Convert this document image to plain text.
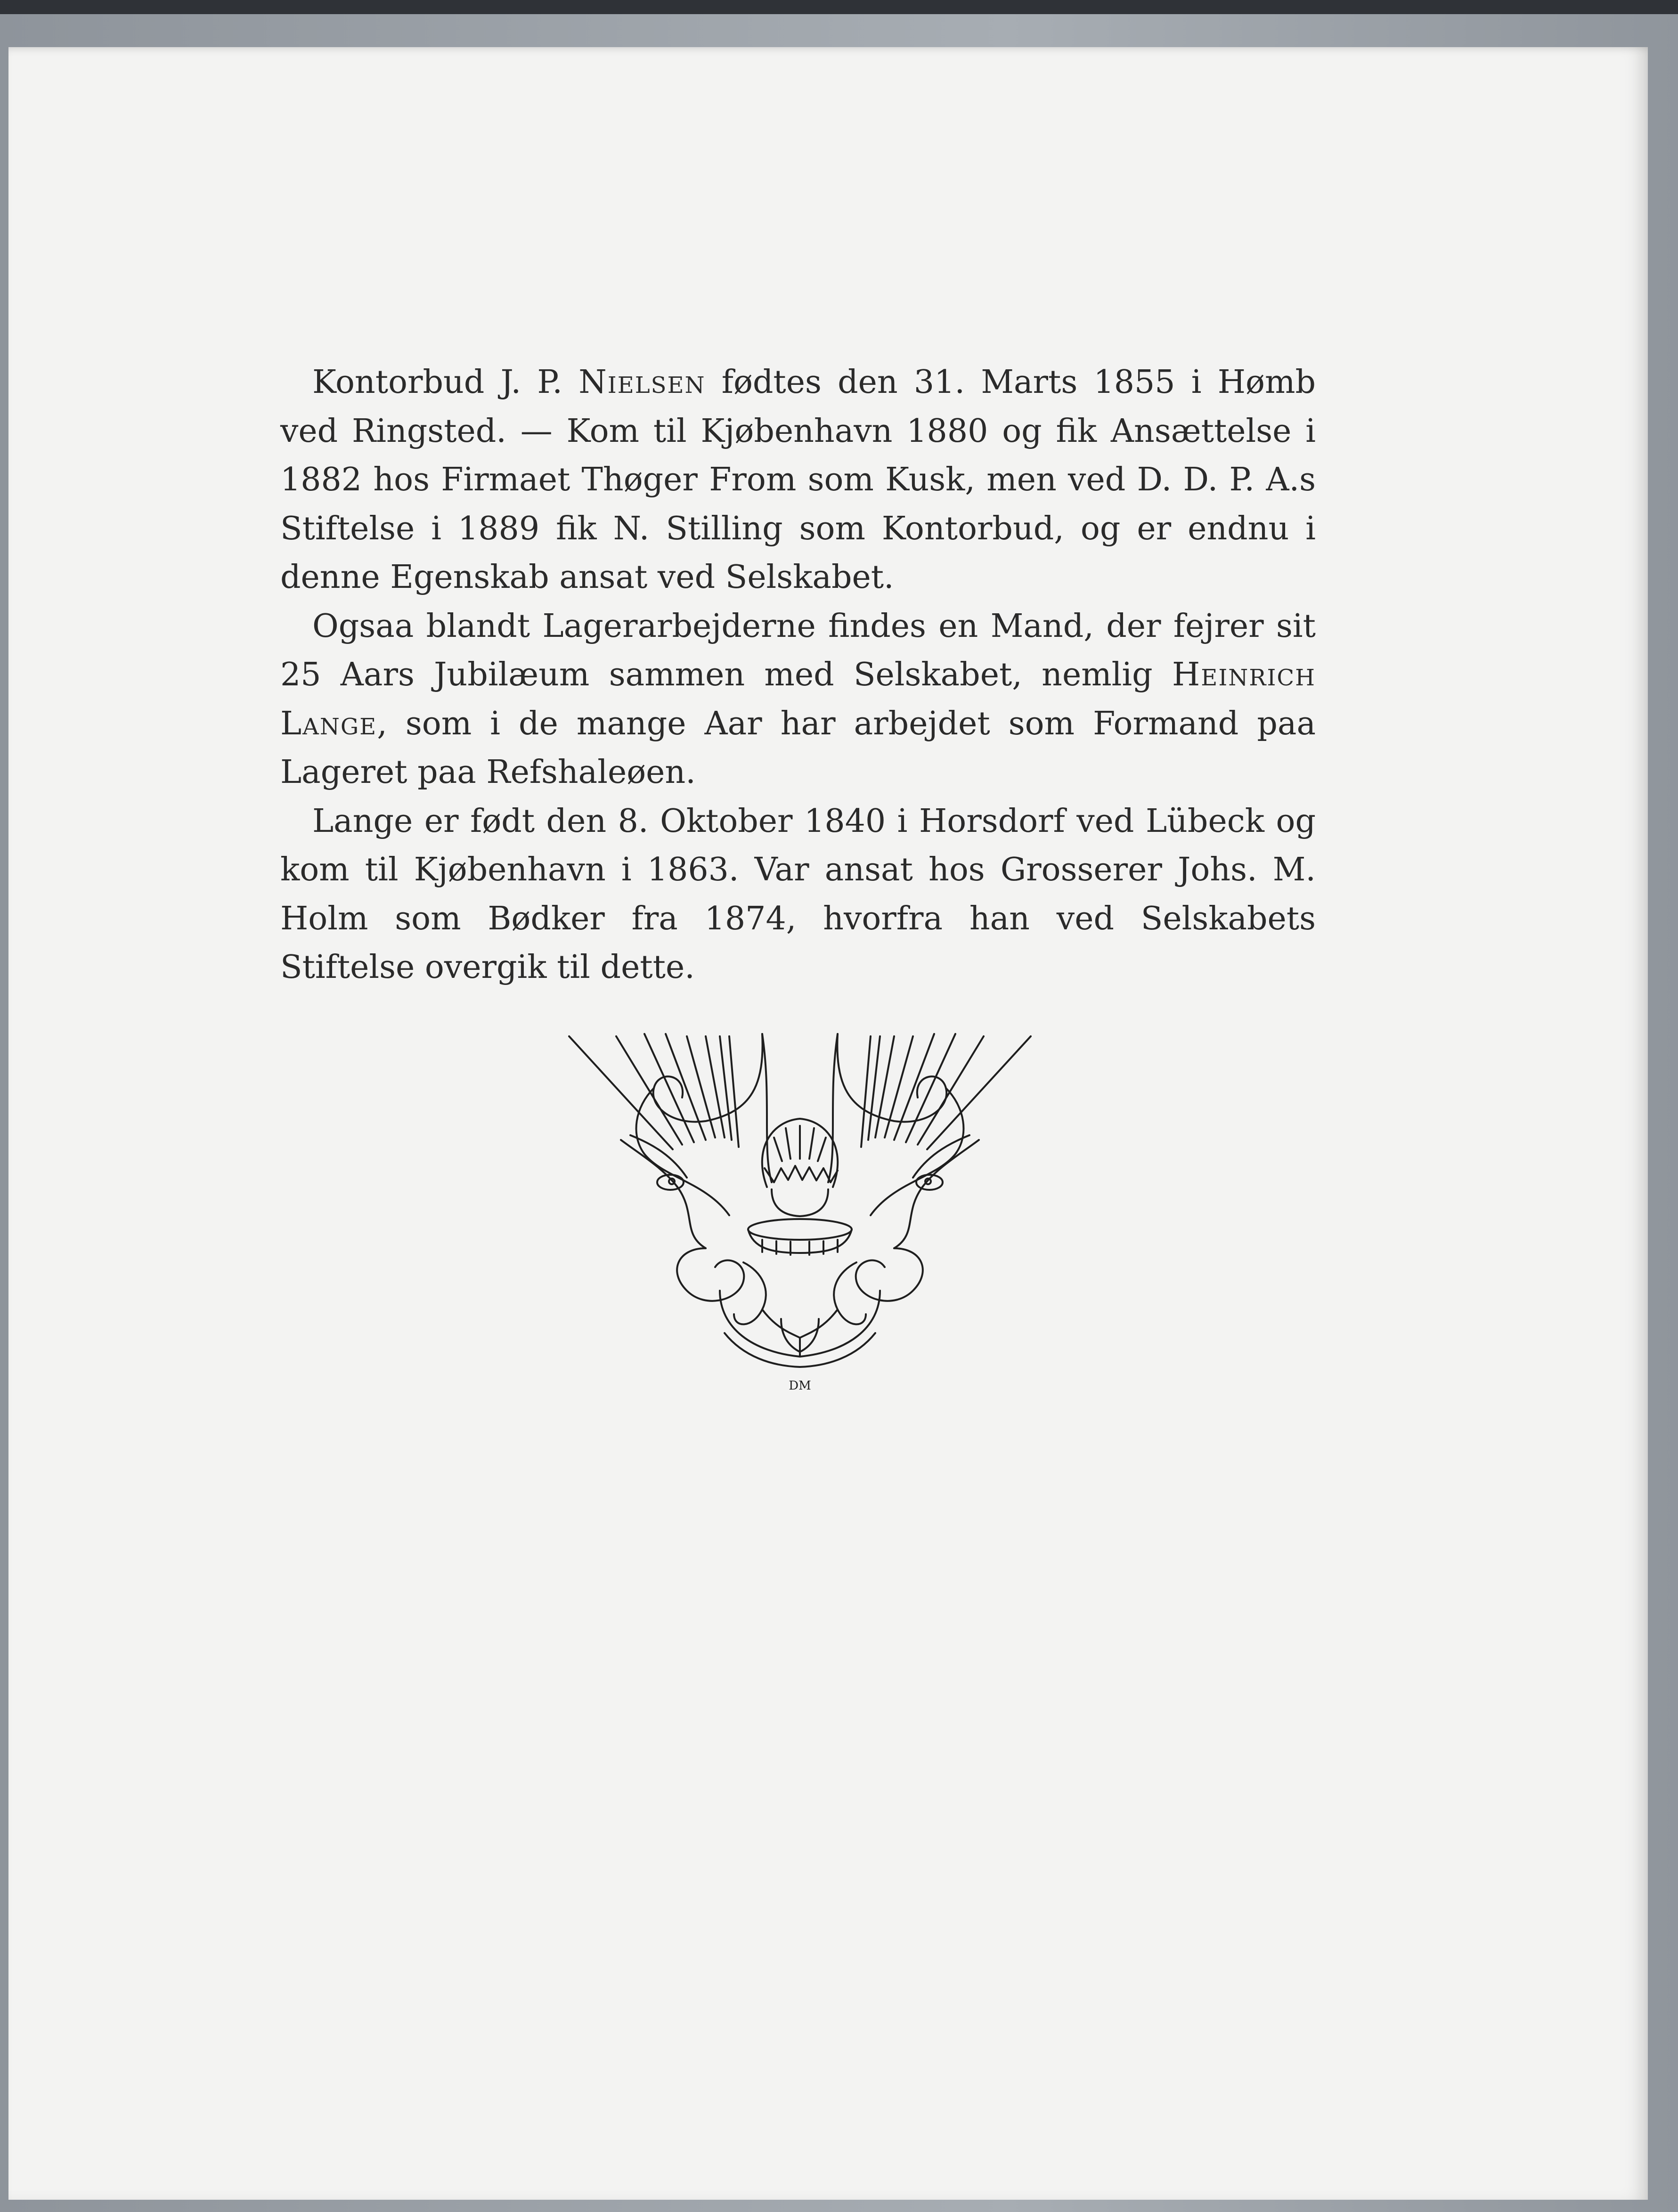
Kontorbud J. P. Nielsen fødtes den 31. Marts 1855 i Hømb ved Ringsted. — Kom til Kjøbenhavn 1880 og fik Ansættelse i 1882 hos Firmaet Thøger From som Kusk, men ved D. D. P. A.s Stiftelse i 1889 fik N. Stilling som Kontorbud, og er endnu i denne Egenskab ansat ved Selskabet.

Ogsaa blandt Lagerarbejderne findes en Mand, der fejrer sit 25 Aars Jubilæum sammen med Selskabet, nemlig Heinrich Lange, som i de mange Aar har arbejdet som Formand paa Lageret paa Refshaleøen.

Lange er født den 8. Oktober 1840 i Horsdorf ved Lübeck og kom til Kjøbenhavn i 1863. Var ansat hos Grosserer Johs. M. Holm som Bødker fra 1874, hvorfra han ved Selskabets Stiftelse overgik til dette.

DM
